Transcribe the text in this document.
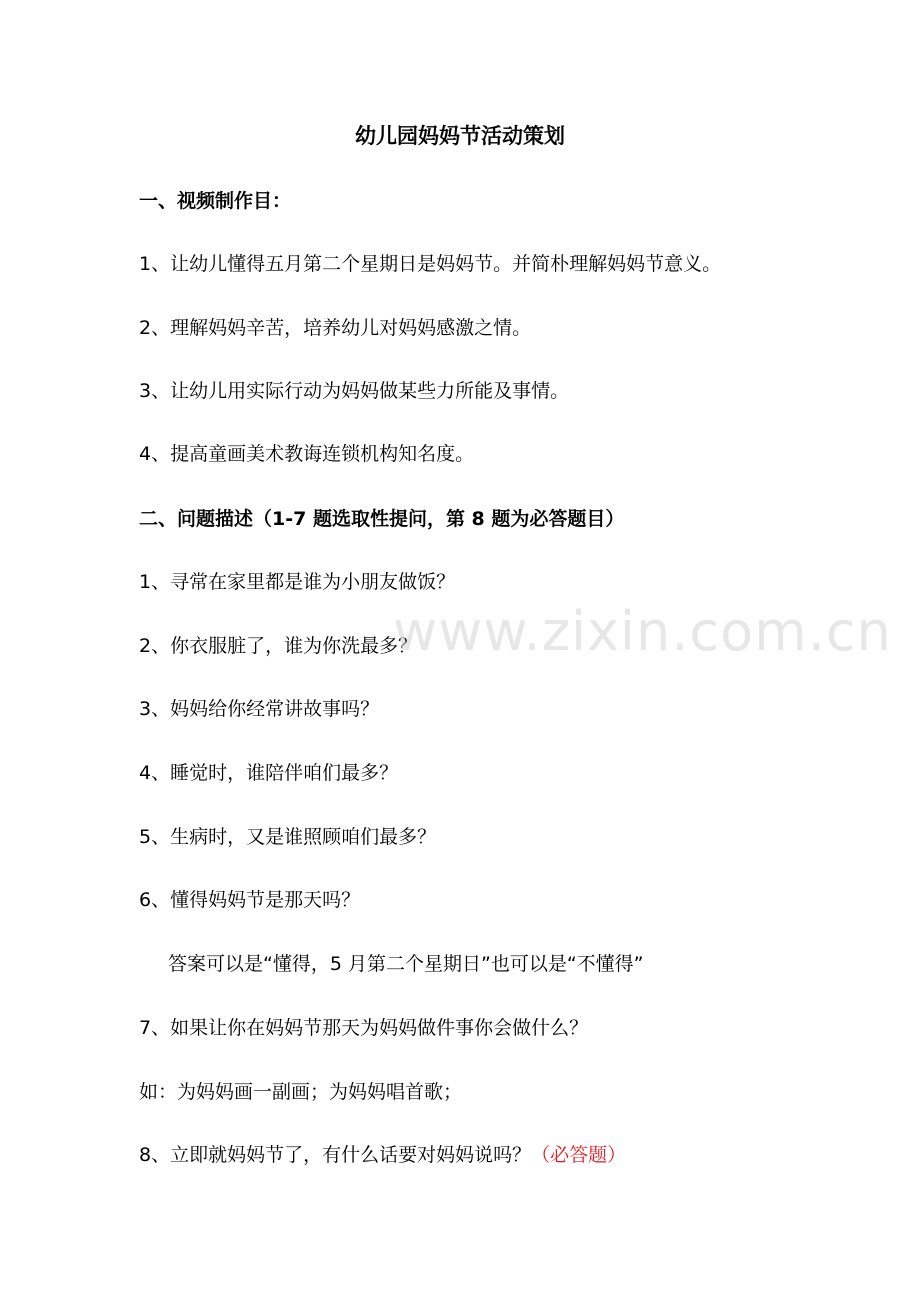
幼儿园妈妈节活动策划

一、视频制作目：

1、让幼儿懂得五月第二个星期日是妈妈节。并简朴理解妈妈节意义。

2、理解妈妈辛苦，培养幼儿对妈妈感激之情。

3、让幼儿用实际行动为妈妈做某些力所能及事情。

4、提高童画美术教诲连锁机构知名度。

二、问题描述（1-7 题选取性提问，第 8 题为必答题目）

1、寻常在家里都是谁为小朋友做饭？

2、你衣服脏了，谁为你洗最多？

3、妈妈给你经常讲故事吗？

4、睡觉时，谁陪伴咱们最多？

5、生病时，又是谁照顾咱们最多？

6、懂得妈妈节是那天吗？

答案可以是“懂得，5 月第二个星期日”也可以是“不懂得”

7、如果让你在妈妈节那天为妈妈做件事你会做什么？

如：为妈妈画一副画；为妈妈唱首歌；

8、立即就妈妈节了，有什么话要对妈妈说吗？（必答题）

www.zixin.com.cn
